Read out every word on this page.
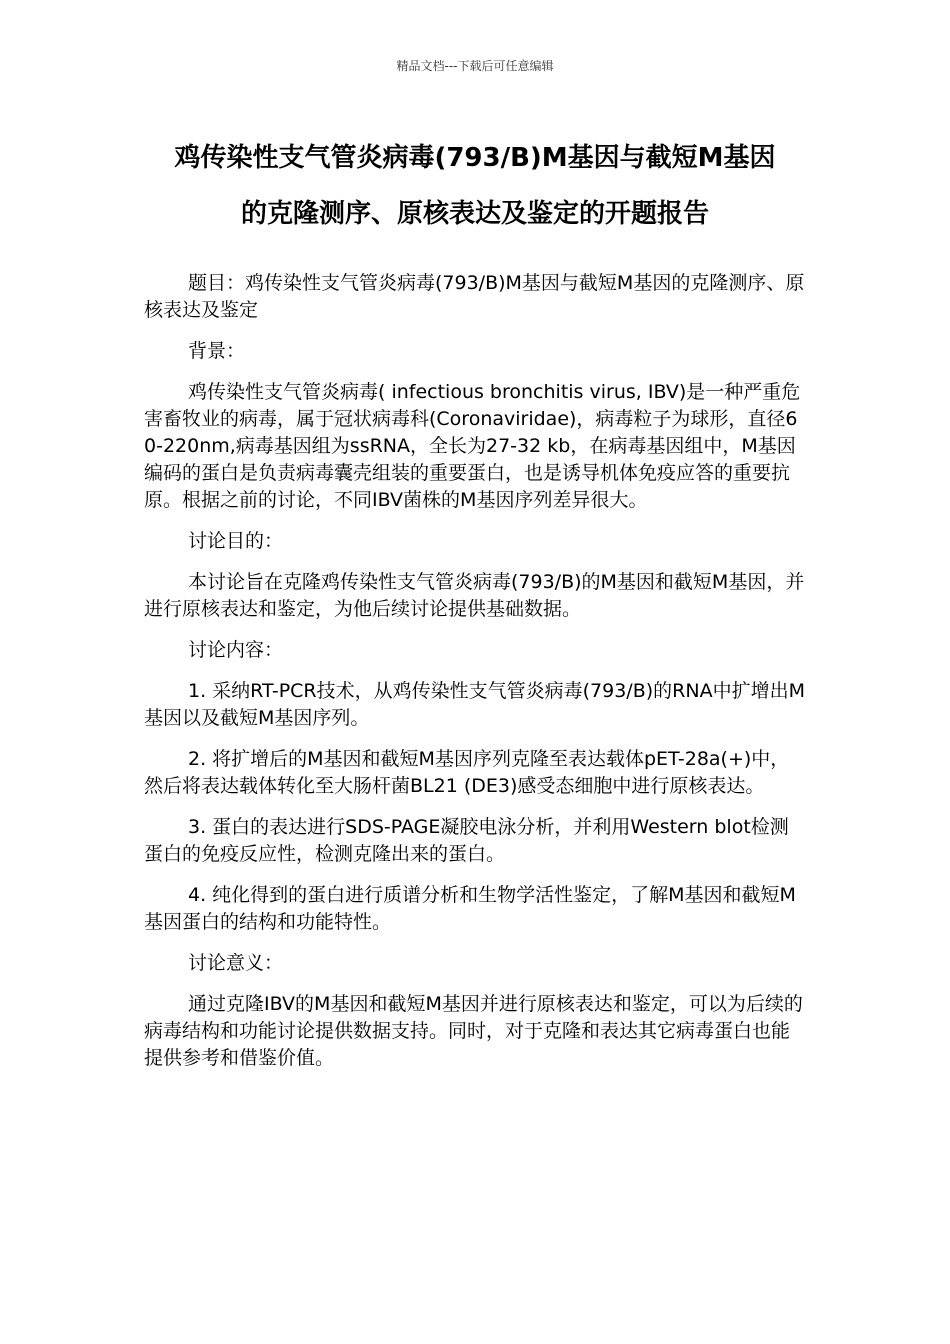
精品文档---下载后可任意编辑
鸡传染性支气管炎病毒(793/B)M基因与截短M基因
的克隆测序、原核表达及鉴定的开题报告

题目：鸡传染性支气管炎病毒(793/B)M基因与截短M基因的克隆测序、原核表达及鉴定

背景：

鸡传染性支气管炎病毒( infectious bronchitis virus, IBV)是一种严重危害畜牧业的病毒，属于冠状病毒科(Coronaviridae)，病毒粒子为球形，直径60-220nm,病毒基因组为ssRNA，全长为27-32 kb，在病毒基因组中，M基因编码的蛋白是负责病毒囊壳组装的重要蛋白，也是诱导机体免疫应答的重要抗原。根据之前的讨论，不同IBV菌株的M基因序列差异很大。

讨论目的：

本讨论旨在克隆鸡传染性支气管炎病毒(793/B)的M基因和截短M基因，并进行原核表达和鉴定，为他后续讨论提供基础数据。

讨论内容：

1. 采纳RT-PCR技术，从鸡传染性支气管炎病毒(793/B)的RNA中扩增出M基因以及截短M基因序列。

2. 将扩增后的M基因和截短M基因序列克隆至表达载体pET-28a(+)中，然后将表达载体转化至大肠杆菌BL21 (DE3)感受态细胞中进行原核表达。

3. 蛋白的表达进行SDS-PAGE凝胶电泳分析，并利用Western blot检测蛋白的免疫反应性，检测克隆出来的蛋白。

4. 纯化得到的蛋白进行质谱分析和生物学活性鉴定，了解M基因和截短M基因蛋白的结构和功能特性。

讨论意义：

通过克隆IBV的M基因和截短M基因并进行原核表达和鉴定，可以为后续的病毒结构和功能讨论提供数据支持。同时，对于克隆和表达其它病毒蛋白也能提供参考和借鉴价值。
